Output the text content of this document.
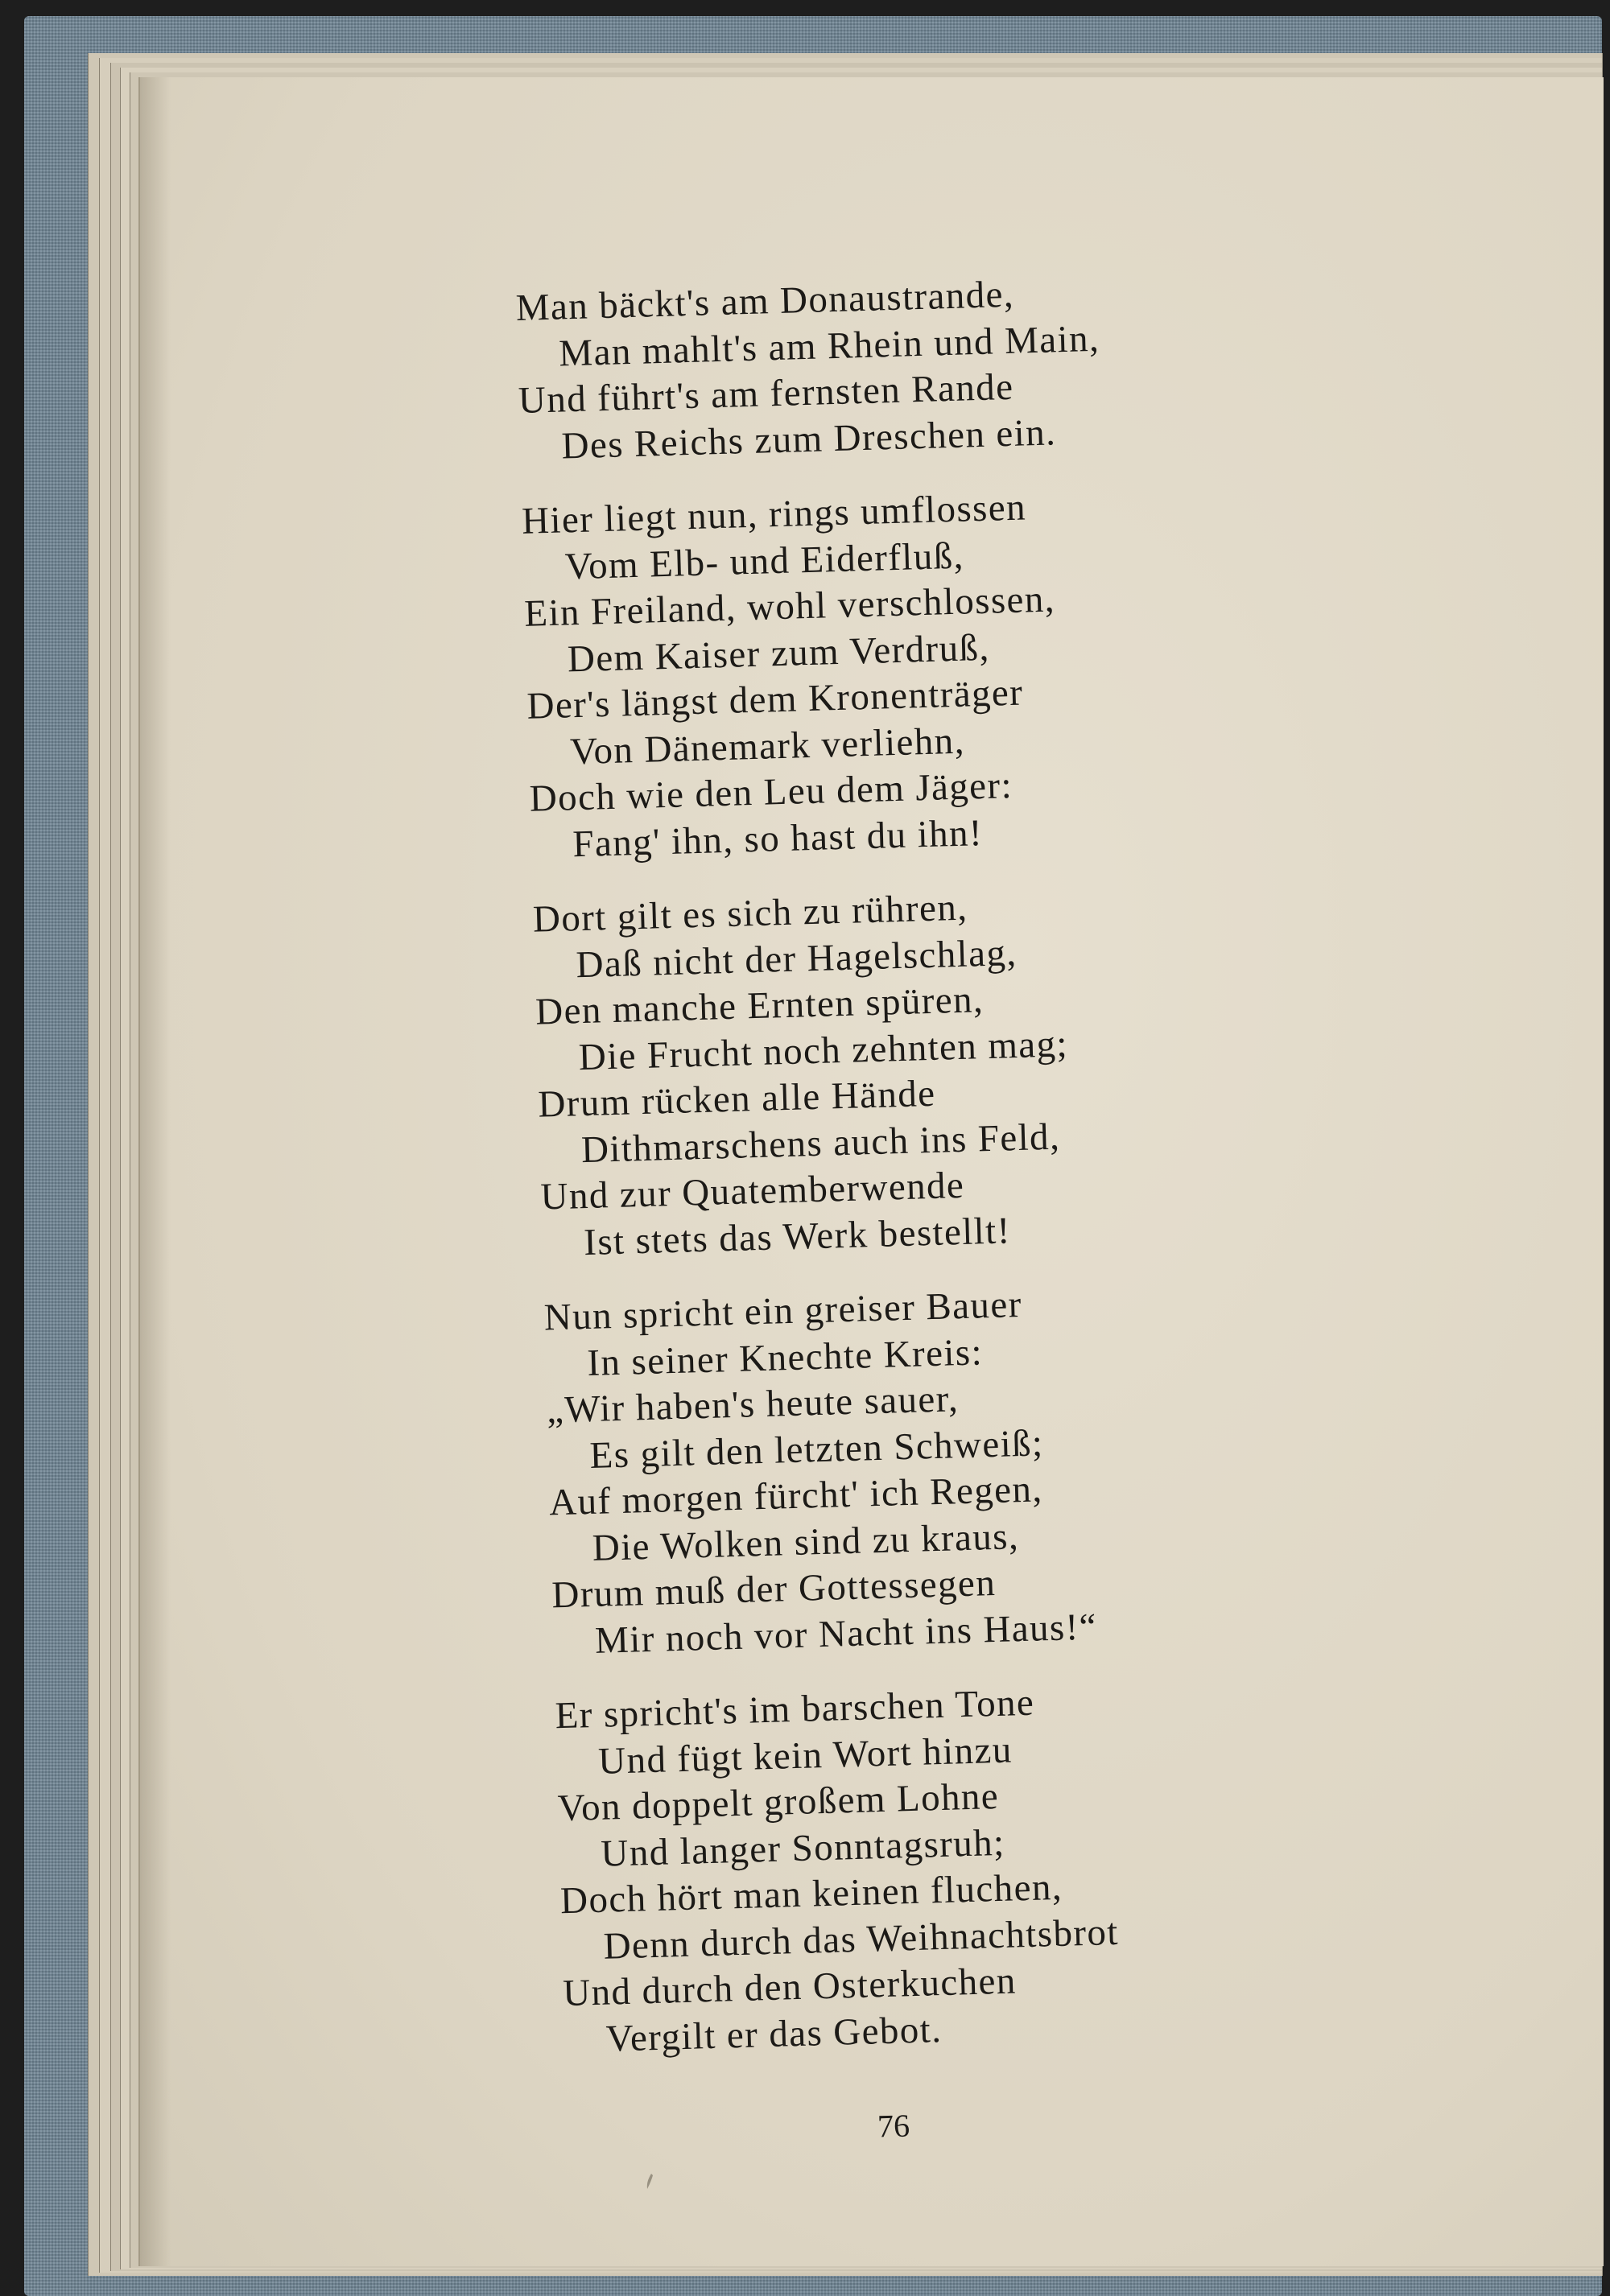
Man bäckt's am Donaustrande,
Man mahlt's am Rhein und Main,
Und führt's am fernsten Rande
Des Reichs zum Dreschen ein.
Hier liegt nun, rings umflossen
Vom Elb- und Eiderfluß,
Ein Freiland, wohl verschlossen,
Dem Kaiser zum Verdruß,
Der's längst dem Kronenträger
Von Dänemark verliehn,
Doch wie den Leu dem Jäger:
Fang' ihn, so hast du ihn!
Dort gilt es sich zu rühren,
Daß nicht der Hagelschlag,
Den manche Ernten spüren,
Die Frucht noch zehnten mag;
Drum rücken alle Hände
Dithmarschens auch ins Feld,
Und zur Quatemberwende
Ist stets das Werk bestellt!
Nun spricht ein greiser Bauer
In seiner Knechte Kreis:
„Wir haben's heute sauer,
Es gilt den letzten Schweiß;
Auf morgen fürcht' ich Regen,
Die Wolken sind zu kraus,
Drum muß der Gottessegen
Mir noch vor Nacht ins Haus!“
Er spricht's im barschen Tone
Und fügt kein Wort hinzu
Von doppelt großem Lohne
Und langer Sonntagsruh;
Doch hört man keinen fluchen,
Denn durch das Weihnachtsbrot
Und durch den Osterkuchen
Vergilt er das Gebot.
76
